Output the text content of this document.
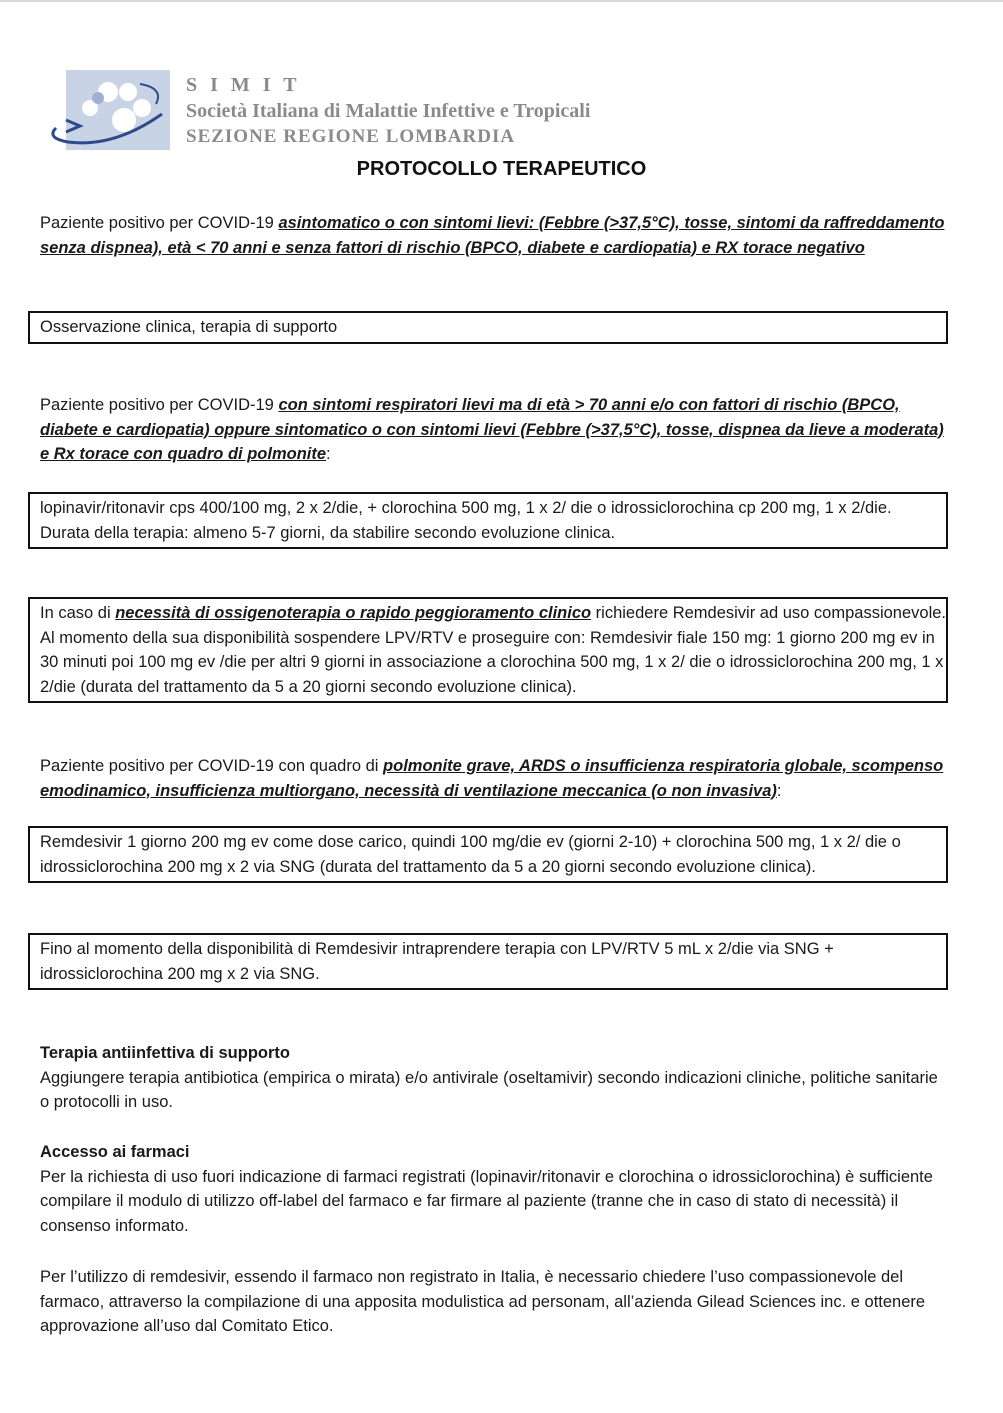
S I M I T
Società Italiana di Malattie Infettive e Tropicali
SEZIONE REGIONE LOMBARDIA
PROTOCOLLO TERAPEUTICO
Paziente positivo per COVID-19 asintomatico o con sintomi lievi: (Febbre (>37,5°C), tosse, sintomi da raffreddamento senza dispnea), età < 70 anni e senza fattori di rischio (BPCO, diabete e cardiopatia) e RX torace negativo
Osservazione clinica, terapia di supporto
Paziente positivo per COVID-19 con sintomi respiratori lievi ma di età > 70 anni e/o con fattori di rischio (BPCO, diabete e cardiopatia) oppure sintomatico o con sintomi lievi (Febbre (>37,5°C), tosse, dispnea da lieve a moderata) e Rx torace con quadro di polmonite:
lopinavir/ritonavir cps 400/100 mg, 2 x 2/die, + clorochina 500 mg, 1 x 2/ die o idrossiclorochina cp 200 mg, 1 x 2/die.
Durata della terapia: almeno 5-7 giorni, da stabilire secondo evoluzione clinica.
In caso di necessità di ossigenoterapia o rapido peggioramento clinico richiedere Remdesivir ad uso compassionevole. Al momento della sua disponibilità sospendere LPV/RTV e proseguire con: Remdesivir fiale 150 mg: 1 giorno 200 mg ev in 30 minuti poi 100 mg ev /die per altri 9 giorni in associazione a clorochina 500 mg, 1 x 2/ die o idrossiclorochina 200 mg, 1 x 2/die (durata del trattamento da 5 a 20 giorni secondo evoluzione clinica).
Paziente positivo per COVID-19 con quadro di polmonite grave, ARDS o insufficienza respiratoria globale, scompenso emodinamico, insufficienza multiorgano, necessità di ventilazione meccanica (o non invasiva):
Remdesivir 1 giorno 200 mg ev come dose carico, quindi 100 mg/die ev (giorni 2-10) + clorochina 500 mg, 1 x 2/ die o idrossiclorochina 200 mg x 2 via SNG (durata del trattamento da 5 a 20 giorni secondo evoluzione clinica).
Fino al momento della disponibilità di Remdesivir intraprendere terapia con LPV/RTV 5 mL x 2/die via SNG + idrossiclorochina 200 mg x 2 via SNG.
Terapia antiinfettiva di supporto
Aggiungere terapia antibiotica (empirica o mirata) e/o antivirale (oseltamivir) secondo indicazioni cliniche, politiche sanitarie o protocolli in uso.
Accesso ai farmaci
Per la richiesta di uso fuori indicazione di farmaci registrati (lopinavir/ritonavir e clorochina o idrossiclorochina) è sufficiente compilare il modulo di utilizzo off-label del farmaco e far firmare al paziente (tranne che in caso di stato di necessità) il consenso informato.
Per l’utilizzo di remdesivir, essendo il farmaco non registrato in Italia, è necessario chiedere l’uso compassionevole del farmaco, attraverso la compilazione di una apposita modulistica ad personam, all’azienda Gilead Sciences inc. e ottenere approvazione all’uso dal Comitato Etico.
